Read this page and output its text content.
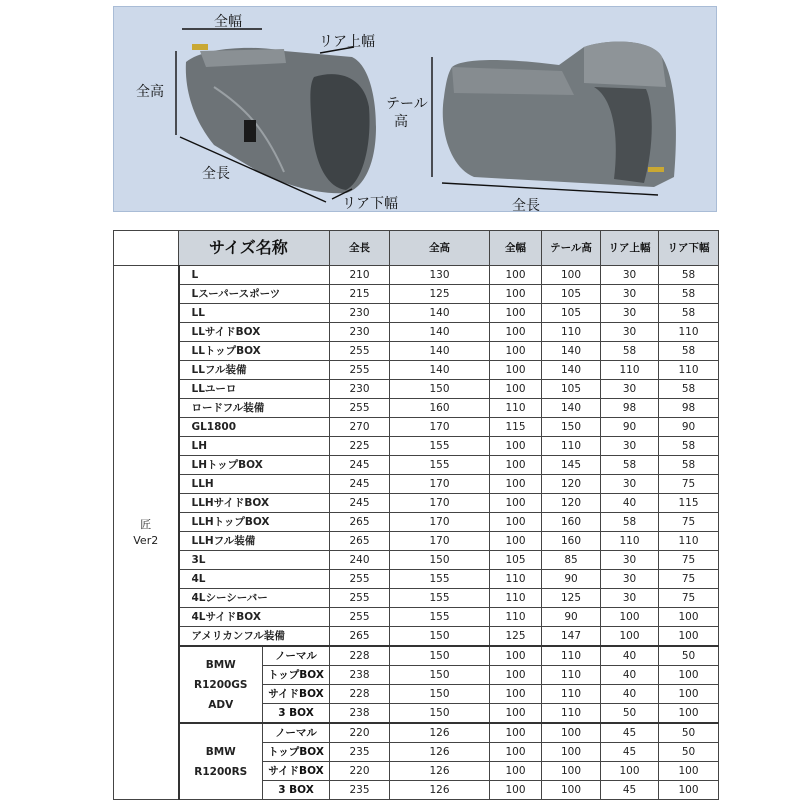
全幅
リア上幅
全高
全長
リア下幅
テール
高
全長
	サイズ名称		全長	全高	全幅	テール高	リア上幅	リア下幅

匠
Ver2	L		210	130	100	100	30	58
	Lスーパースポーツ		215	125	100	105	30	58
	LL		230	140	100	105	30	58
	LLサイドBOX		230	140	100	110	30	110
	LLトップBOX		255	140	100	140	58	58
	LLフル装備		255	140	100	140	110	110
	LLユーロ		230	150	100	105	30	58
	ロードフル装備		255	160	110	140	98	98
	GL1800		270	170	115	150	90	90
	LH		225	155	100	110	30	58
	LHトップBOX		245	155	100	145	58	58
	LLH		245	170	100	120	30	75
	LLHサイドBOX		245	170	100	120	40	115
	LLHトップBOX		265	170	100	160	58	75
	LLHフル装備		265	170	100	160	110	110
	3L		240	150	105	85	30	75
	4L		255	155	110	90	30	75
	4Lシーシーバー		255	155	110	125	30	75
	4LサイドBOX		255	155	110	90	100	100
	アメリカンフル装備		265	150	125	147	100	100

	BMW
R1200GS
ADV	ノーマル	228	150	100	110	40	50
		トップBOX	238	150	100	110	40	100
		サイドBOX	228	150	100	110	40	100
		3 BOX	238	150	100	110	50	100

	BMW
R1200RS	ノーマル	220	126	100	100	45	50
		トップBOX	235	126	100	100	45	50
		サイドBOX	220	126	100	100	100	100
		3 BOX	235	126	100	100	45	100
